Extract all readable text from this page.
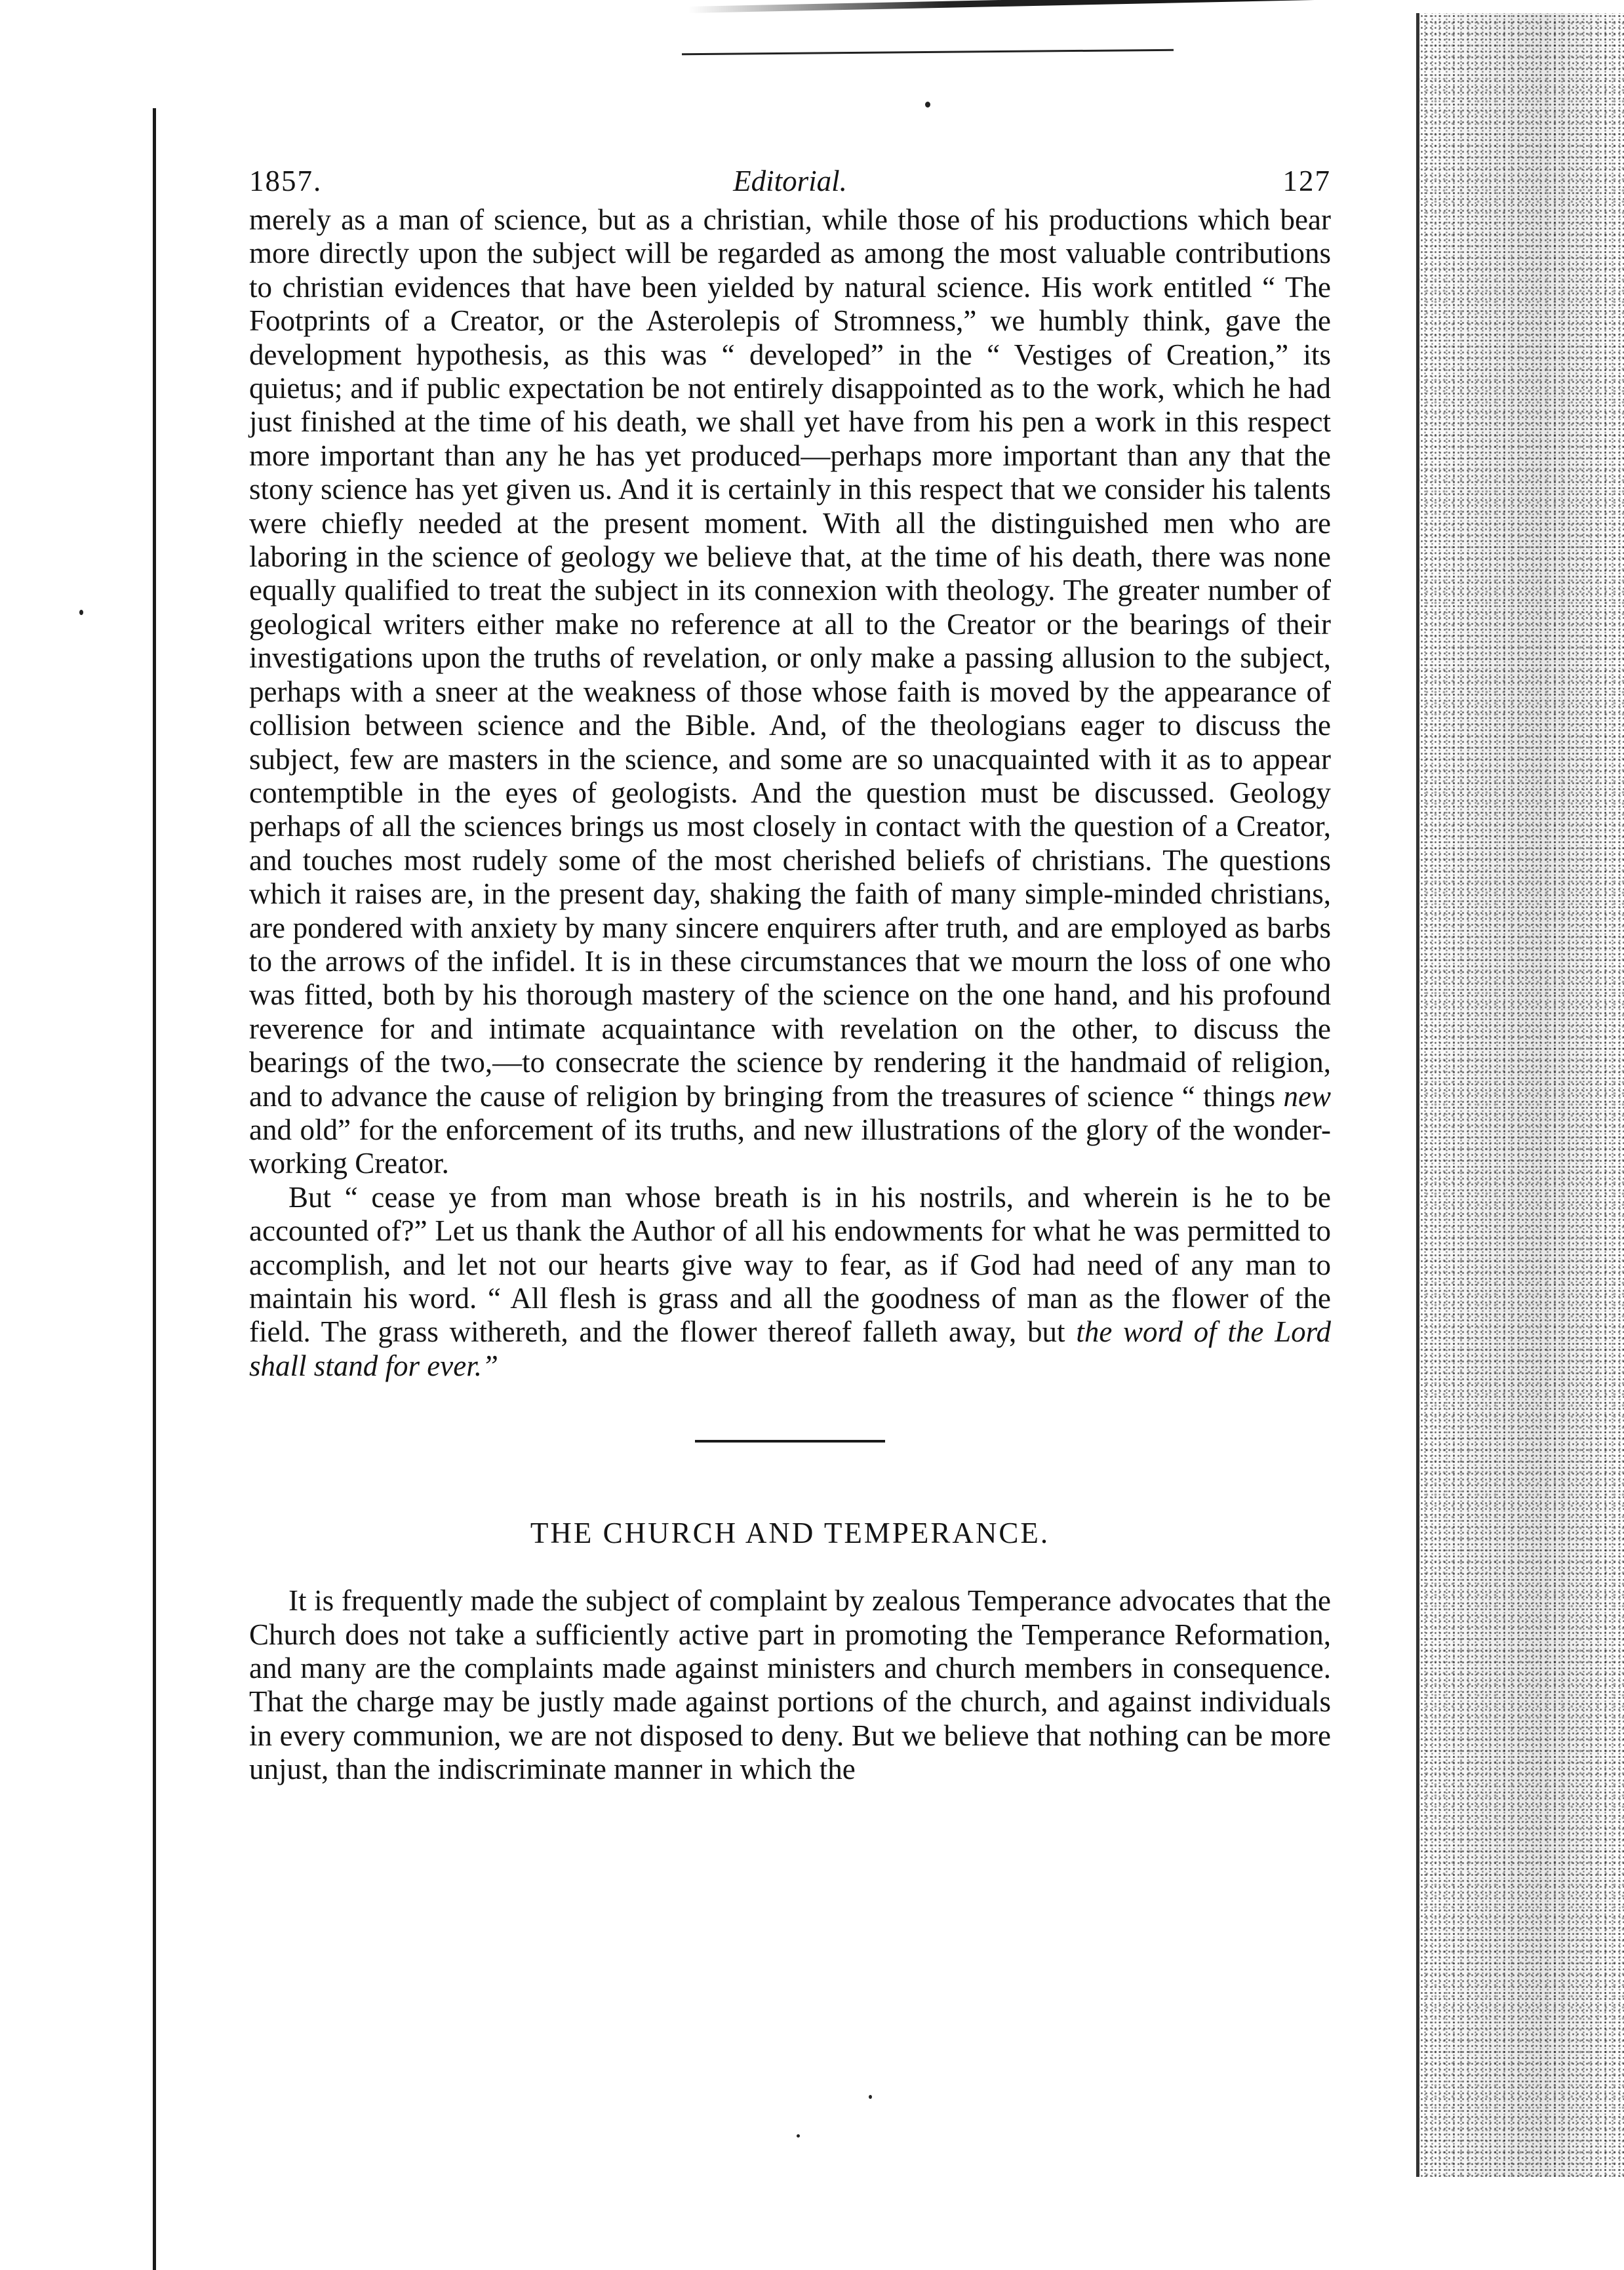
1857.	Editorial.	127

merely as a man of science, but as a christian, while those of his productions which bear more directly upon the subject will be regarded as among the most valuable contributions to christian evidences that have been yielded by natural science. His work entitled “ The Footprints of a Creator, or the Asterolepis of Stromness,” we humbly think, gave the development hypothesis, as this was “ developed” in the “ Vestiges of Creation,” its quietus; and if public expectation be not entirely disappointed as to the work, which he had just finished at the time of his death, we shall yet have from his pen a work in this respect more important than any he has yet produced—perhaps more important than any that the stony science has yet given us. And it is certainly in this respect that we consider his talents were chiefly needed at the present moment. With all the distinguished men who are laboring in the science of geology we believe that, at the time of his death, there was none equally qualified to treat the subject in its connexion with theology. The greater number of geological writers either make no reference at all to the Creator or the bearings of their investigations upon the truths of revelation, or only make a passing allusion to the subject, perhaps with a sneer at the weakness of those whose faith is moved by the appearance of collision between science and the Bible. And, of the theologians eager to discuss the subject, few are masters in the science, and some are so unacquainted with it as to appear contemptible in the eyes of geologists. And the question must be discussed. Geology perhaps of all the sciences brings us most closely in contact with the question of a Creator, and touches most rudely some of the most cherished beliefs of christians. The questions which it raises are, in the present day, shaking the faith of many simple-minded christians, are pondered with anxiety by many sincere enquirers after truth, and are employed as barbs to the arrows of the infidel. It is in these circumstances that we mourn the loss of one who was fitted, both by his thorough mastery of the science on the one hand, and his profound reverence for and intimate acquaintance with revelation on the other, to discuss the bearings of the two,—to consecrate the science by rendering it the handmaid of religion, and to advance the cause of religion by bringing from the treasures of science “ things new and old” for the enforcement of its truths, and new illustrations of the glory of the wonder-working Creator.

But “ cease ye from man whose breath is in his nostrils, and wherein is he to be accounted of?” Let us thank the Author of all his endowments for what he was permitted to accomplish, and let not our hearts give way to fear, as if God had need of any man to maintain his word. “ All flesh is grass and all the goodness of man as the flower of the field. The grass withereth, and the flower thereof falleth away, but the word of the Lord shall stand for ever.”

THE CHURCH AND TEMPERANCE.

It is frequently made the subject of complaint by zealous Temperance advocates that the Church does not take a sufficiently active part in promoting the Temperance Reformation, and many are the complaints made against ministers and church members in consequence. That the charge may be justly made against portions of the church, and against individuals in every communion, we are not disposed to deny. But we believe that nothing can be more unjust, than the indiscriminate manner in which the
